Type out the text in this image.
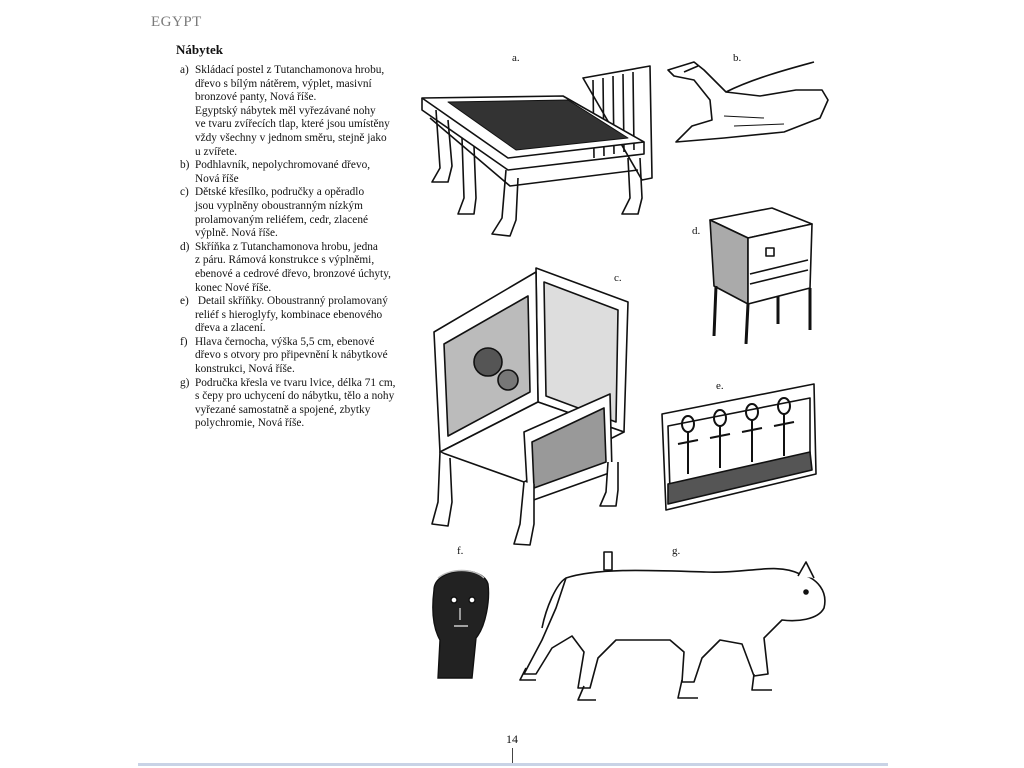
EGYPT
Nábytek
a) Skládací postel z Tutanchamonova hrobu,
dřevo s bílým nátěrem, výplet, masivní
bronzové panty, Nová říše.
Egyptský nábytek měl vyřezávané nohy
ve tvaru zvířecích tlap, které jsou umístěny
vždy všechny v jednom směru, stejně jako
u zvířete.
b) Podhlavník, nepolychromované dřevo,
Nová říše
c) Dětské křesílko, područky a opěradlo
jsou vyplněny oboustranným nízkým
prolamovaným reliéfem, cedr, zlacené
výplně. Nová říše.
d) Skříňka z Tutanchamonova hrobu, jedna
z páru. Rámová konstrukce s výplněmi,
ebenové a cedrové dřevo, bronzové úchyty,
konec Nové říše.
e) Detail skříňky. Oboustranný prolamovaný
reliéf s hieroglyfy, kombinace ebenového
dřeva a zlacení.
f) Hlava černocha, výška 5,5 cm, ebenové
dřevo s otvory pro připevnění k nábytkové
konstrukci, Nová říše.
g) Područka křesla ve tvaru lvice, délka 71 cm,
s čepy pro uchycení do nábytku, tělo a nohy
vyřezané samostatně a spojené, zbytky
polychromie, Nová říše.
a.	b.
c.
d.
e.
f.	g.
14
